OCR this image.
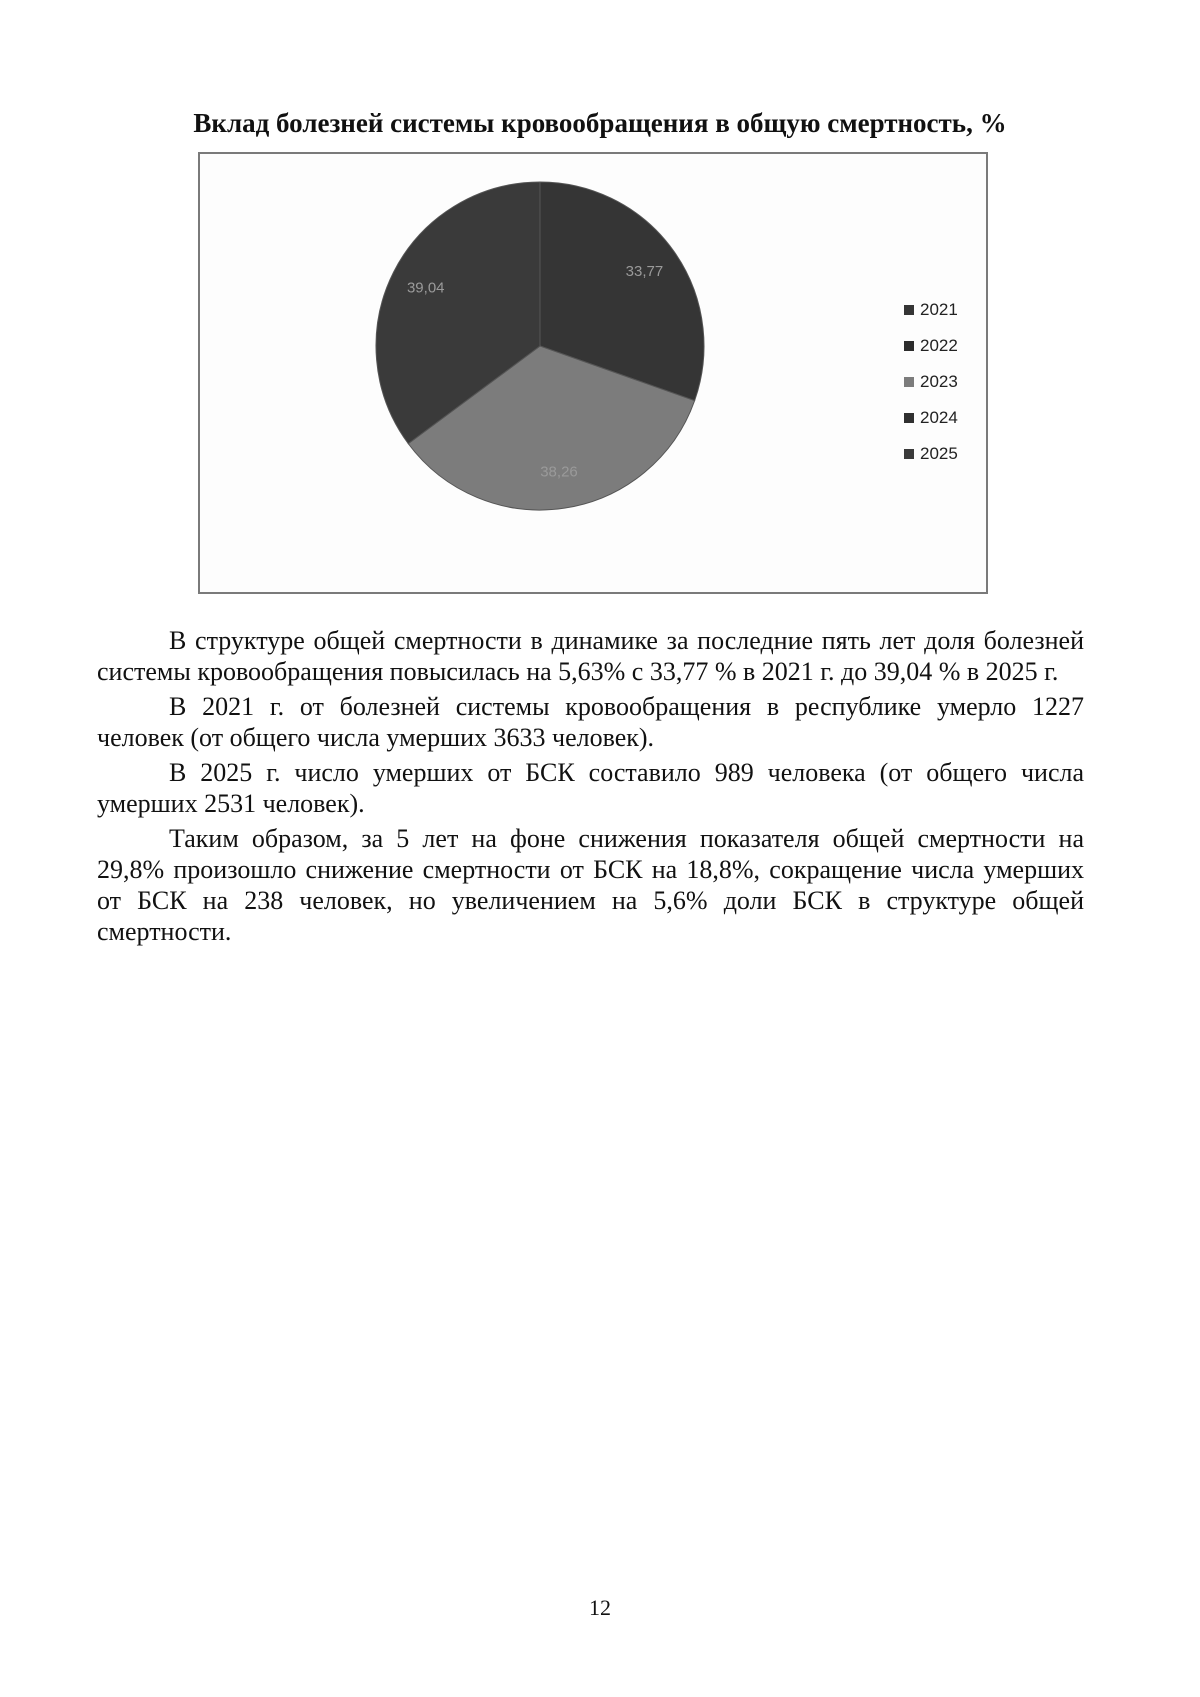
Вклад болезней системы кровообращения в общую смертность, %
33,77
38,26
39,04
2021
2022
2023
2024
2025

В структуре общей смертности в динамике за последние пять лет доля болезней системы кровообращения повысилась на 5,63% с 33,77 % в 2021 г. до 39,04 % в 2025 г.

В 2021 г. от болезней системы кровообращения в республике умерло 1227 человек (от общего числа умерших 3633 человек).

В 2025 г. число умерших от БСК составило 989 человека (от общего числа умерших 2531 человек).

Таким образом, за 5 лет на фоне снижения показателя общей смертности на 29,8% произошло снижение смертности от БСК на 18,8%, сокращение числа умерших от БСК на 238 человек, но увеличением на 5,6% доли БСК в структуре общей смертности.

12
